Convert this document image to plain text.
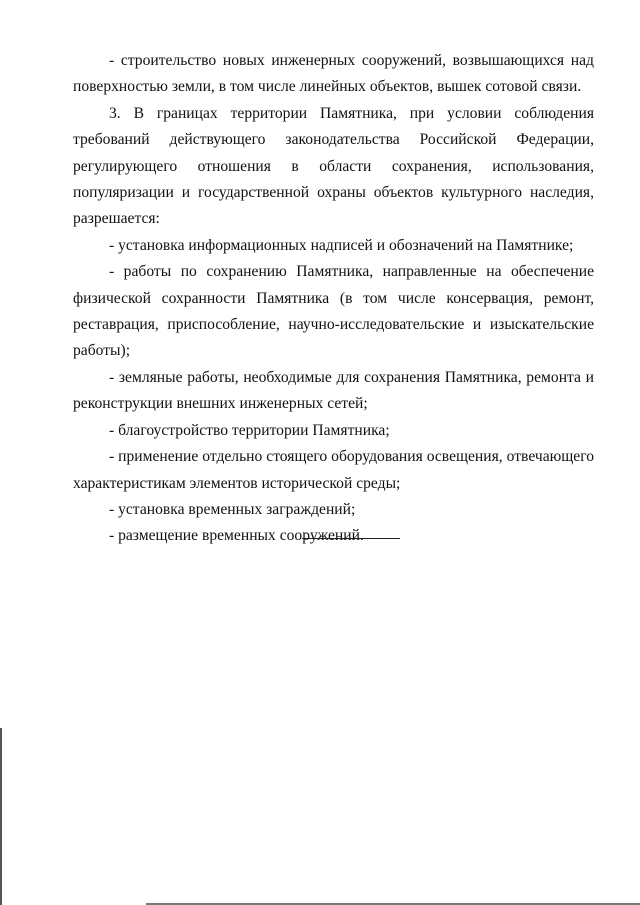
- строительство новых инженерных сооружений, возвышающихся над поверхностью земли, в том числе линейных объектов, вышек сотовой связи.

3. В границах территории Памятника, при условии соблюдения требований действующего законодательства Российской Федерации, регулирующего отношения в области сохранения, использования, популяризации и государственной охраны объектов культурного наследия, разрешается:

- установка информационных надписей и обозначений на Памятнике;

- работы по сохранению Памятника, направленные на обеспечение физической сохранности Памятника (в том числе консервация, ремонт, реставрация, приспособление, научно-исследовательские и изыскательские работы);

- земляные работы, необходимые для сохранения Памятника, ремонта и реконструкции внешних инженерных сетей;

- благоустройство территории Памятника;

- применение отдельно стоящего оборудования освещения, отвечающего характеристикам элементов исторической среды;

- установка временных заграждений;

- размещение временных сооружений.
